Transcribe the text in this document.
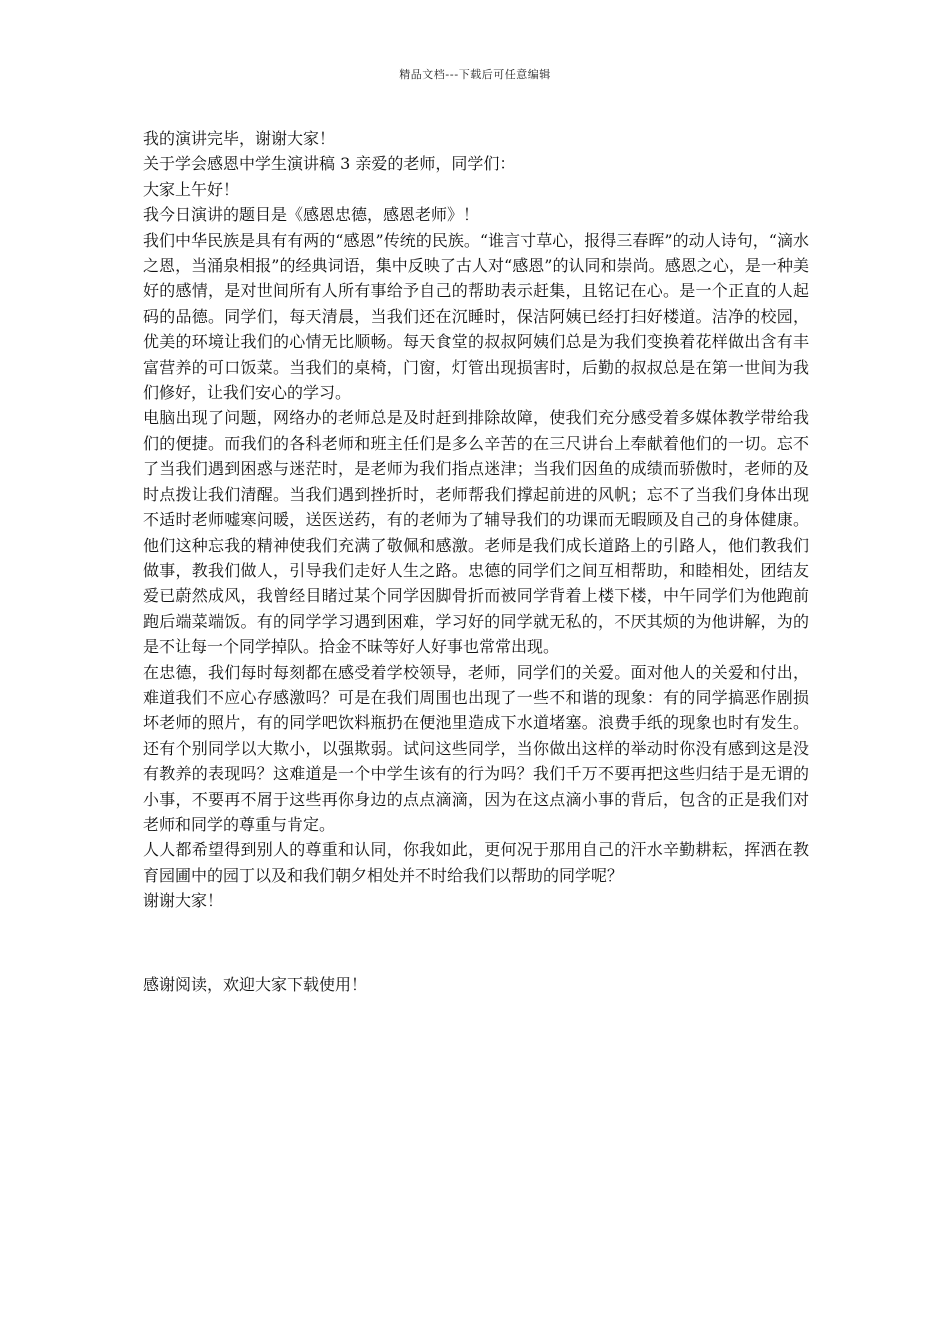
精品文档---下载后可任意编辑

我的演讲完毕，谢谢大家！

关于学会感恩中学生演讲稿 3 亲爱的老师，同学们：

大家上午好！

我今日演讲的题目是《感恩忠德，感恩老师》！

我们中华民族是具有有两的“感恩”传统的民族。“谁言寸草心，报得三春晖”的动人诗句，“滴水之恩，当涌泉相报”的经典词语，集中反映了古人对“感恩”的认同和崇尚。感恩之心，是一种美好的感情，是对世间所有人所有事给予自己的帮助表示赶集，且铭记在心。是一个正直的人起码的品德。同学们，每天清晨，当我们还在沉睡时，保洁阿姨已经打扫好楼道。洁净的校园，优美的环境让我们的心情无比顺畅。每天食堂的叔叔阿姨们总是为我们变换着花样做出含有丰富营养的可口饭菜。当我们的桌椅，门窗，灯管出现损害时，后勤的叔叔总是在第一世间为我们修好，让我们安心的学习。

电脑出现了问题，网络办的老师总是及时赶到排除故障，使我们充分感受着多媒体教学带给我们的便捷。而我们的各科老师和班主任们是多么辛苦的在三尺讲台上奉献着他们的一切。忘不了当我们遇到困惑与迷茫时，是老师为我们指点迷津；当我们因鱼的成绩而骄傲时，老师的及时点拨让我们清醒。当我们遇到挫折时，老师帮我们撑起前进的风帆；忘不了当我们身体出现不适时老师嘘寒问暖，送医送药，有的老师为了辅导我们的功课而无暇顾及自己的身体健康。他们这种忘我的精神使我们充满了敬佩和感激。老师是我们成长道路上的引路人，他们教我们做事，教我们做人，引导我们走好人生之路。忠德的同学们之间互相帮助，和睦相处，团结友爱已蔚然成风，我曾经目睹过某个同学因脚骨折而被同学背着上楼下楼，中午同学们为他跑前跑后端菜端饭。有的同学学习遇到困难，学习好的同学就无私的，不厌其烦的为他讲解，为的是不让每一个同学掉队。拾金不昧等好人好事也常常出现。

在忠德，我们每时每刻都在感受着学校领导，老师，同学们的关爱。面对他人的关爱和付出，难道我们不应心存感激吗？可是在我们周围也出现了一些不和谐的现象：有的同学搞恶作剧损坏老师的照片，有的同学吧饮料瓶扔在便池里造成下水道堵塞。浪费手纸的现象也时有发生。还有个别同学以大欺小，以强欺弱。试问这些同学，当你做出这样的举动时你没有感到这是没有教养的表现吗？这难道是一个中学生该有的行为吗？我们千万不要再把这些归结于是无谓的小事，不要再不屑于这些再你身边的点点滴滴，因为在这点滴小事的背后，包含的正是我们对老师和同学的尊重与肯定。

人人都希望得到别人的尊重和认同，你我如此，更何况于那用自己的汗水辛勤耕耘，挥洒在教育园圃中的园丁以及和我们朝夕相处并不时给我们以帮助的同学呢？

谢谢大家！

感谢阅读，欢迎大家下载使用！
